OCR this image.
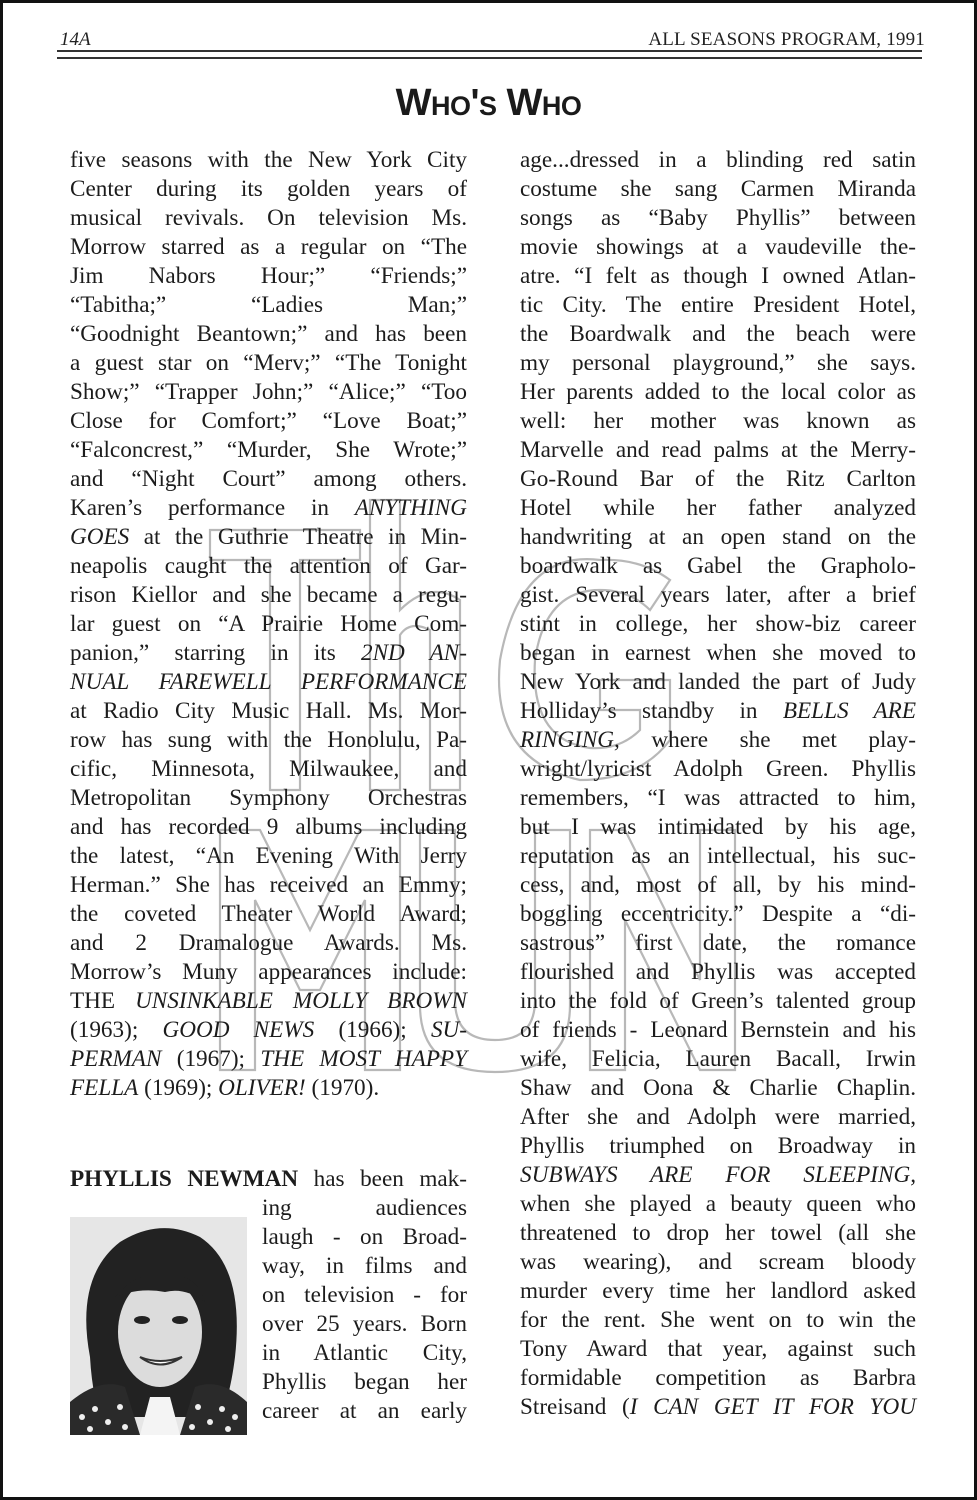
14A	ALL SEASONS PROGRAM, 1991
Who's Who
five seasons with the New York City
Center during its golden years of
musical revivals. On television Ms.
Morrow starred as a regular on “The
Jim Nabors Hour;” “Friends;”
“Tabitha;” “Ladies Man;”
“Goodnight Beantown;” and has been
a guest star on “Merv;” “The Tonight
Show;” “Trapper John;” “Alice;” “Too
Close for Comfort;” “Love Boat;”
“Falconcrest,” “Murder, She Wrote;”
and “Night Court” among others.
Karen’s performance in ANYTHING
GOES at the Guthrie Theatre in Min-
neapolis caught the attention of Gar-
rison Kiellor and she became a regu-
lar guest on “A Prairie Home Com-
panion,” starring in its 2ND AN-
NUAL FAREWELL PERFORMANCE
at Radio City Music Hall. Ms. Mor-
row has sung with the Honolulu, Pa-
cific, Minnesota, Milwaukee, and
Metropolitan Symphony Orchestras
and has recorded 9 albums including
the latest, “An Evening With Jerry
Herman.” She has received an Emmy;
the coveted Theater World Award;
and 2 Dramalogue Awards. Ms.
Morrow’s Muny appearances include:
THE UNSINKABLE MOLLY BROWN
(1963); GOOD NEWS (1966); SU-
PERMAN (1967); THE MOST HAPPY
FELLA (1969); OLIVER! (1970).
PHYLLIS NEWMAN has been mak-
ing audiences
laugh - on Broad-
way, in films and
on television - for
over 25 years. Born
in Atlantic City,
Phyllis began her
career at an early
age...dressed in a blinding red satin
costume she sang Carmen Miranda
songs as “Baby Phyllis” between
movie showings at a vaudeville the-
atre. “I felt as though I owned Atlan-
tic City. The entire President Hotel,
the Boardwalk and the beach were
my personal playground,” she says.
Her parents added to the local color as
well: her mother was known as
Marvelle and read palms at the Merry-
Go-Round Bar of the Ritz Carlton
Hotel while her father analyzed
handwriting at an open stand on the
boardwalk as Gabel the Grapholo-
gist. Several years later, after a brief
stint in college, her show-biz career
began in earnest when she moved to
New York and landed the part of Judy
Holliday’s standby in BELLS ARE
RINGING, where she met play-
wright/lyricist Adolph Green. Phyllis
remembers, “I was attracted to him,
but I was intimidated by his age,
reputation as an intellectual, his suc-
cess, and, most of all, by his mind-
boggling eccentricity.” Despite a “di-
sastrous” first date, the romance
flourished and Phyllis was accepted
into the fold of Green’s talented group
of friends - Leonard Bernstein and his
wife, Felicia, Lauren Bacall, Irwin
Shaw and Oona & Charlie Chaplin.
After she and Adolph were married,
Phyllis triumphed on Broadway in
SUBWAYS ARE FOR SLEEPING,
when she played a beauty queen who
threatened to drop her towel (all she
was wearing), and scream bloody
murder every time her landlord asked
for the rent. She went on to win the
Tony Award that year, against such
formidable competition as Barbra
Streisand (I CAN GET IT FOR YOU
